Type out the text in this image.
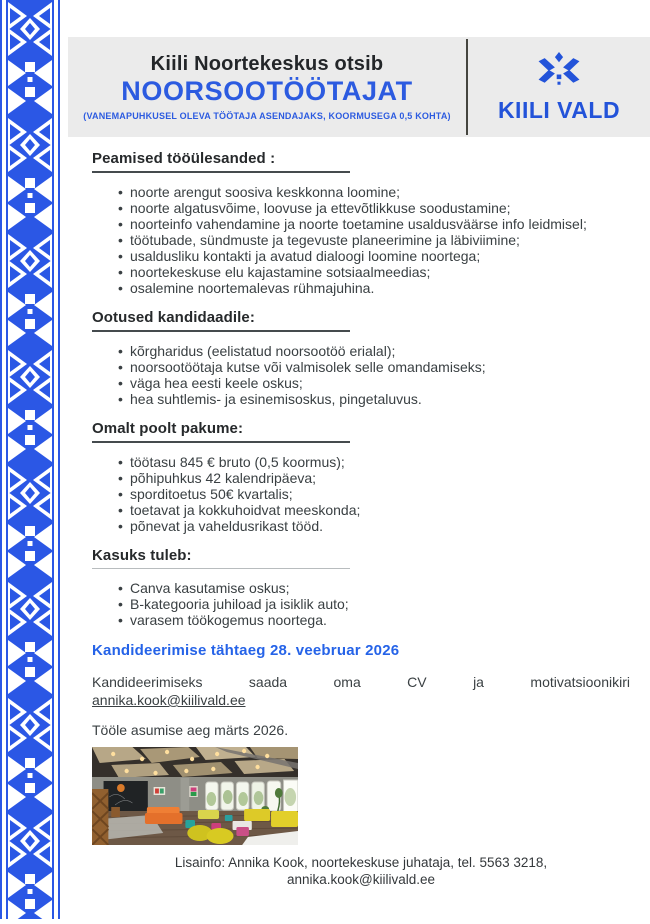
Kiili Noortekeskus otsib
NOORSOOTÖÖTAJAT
(VANEMAPUHKUSEL OLEVA TÖÖTAJA ASENDAJAKS, KOORMUSEGA 0,5 KOHTA) KIILI VALD
Peamised tööülesanded :
• noorte arengut soosiva keskkonna loomine;
• noorte algatusvõime, loovuse ja ettevõtlikkuse soodustamine;
• noorteinfo vahendamine ja noorte toetamine usaldusväärse info leidmisel;
• töötubade, sündmuste ja tegevuste planeerimine ja läbiviimine;
• usaldusliku kontakti ja avatud dialoogi loomine noortega;
• noortekeskuse elu kajastamine sotsiaalmeedias;
• osalemine noortemalevas rühmajuhina.
Ootused kandidaadile:
• kõrgharidus (eelistatud noorsootöö erialal);
• noorsootöötaja kutse või valmisolek selle omandamiseks;
• väga hea eesti keele oskus;
• hea suhtlemis- ja esinemisoskus, pingetaluvus.
Omalt poolt pakume:
• töötasu 845 € bruto (0,5 koormus);
• põhipuhkus 42 kalendripäeva;
• sporditoetus 50€ kvartalis;
• toetavat ja kokkuhoidvat meeskonda;
• põnevat ja vaheldusrikast tööd.
Kasuks tuleb:
• Canva kasutamise oskus;
• B-kategooria juhiload ja isiklik auto;
• varasem töökogemus noortega.
Kandideerimise tähtaeg 28. veebruar 2026
Kandideerimiseks saada oma CV ja motivatsioonikiri
annika.kook@kiilivald.ee
Tööle asumise aeg märts 2026.
Lisainfo: Annika Kook, noortekeskuse juhataja, tel. 5563 3218,
annika.kook@kiilivald.ee
